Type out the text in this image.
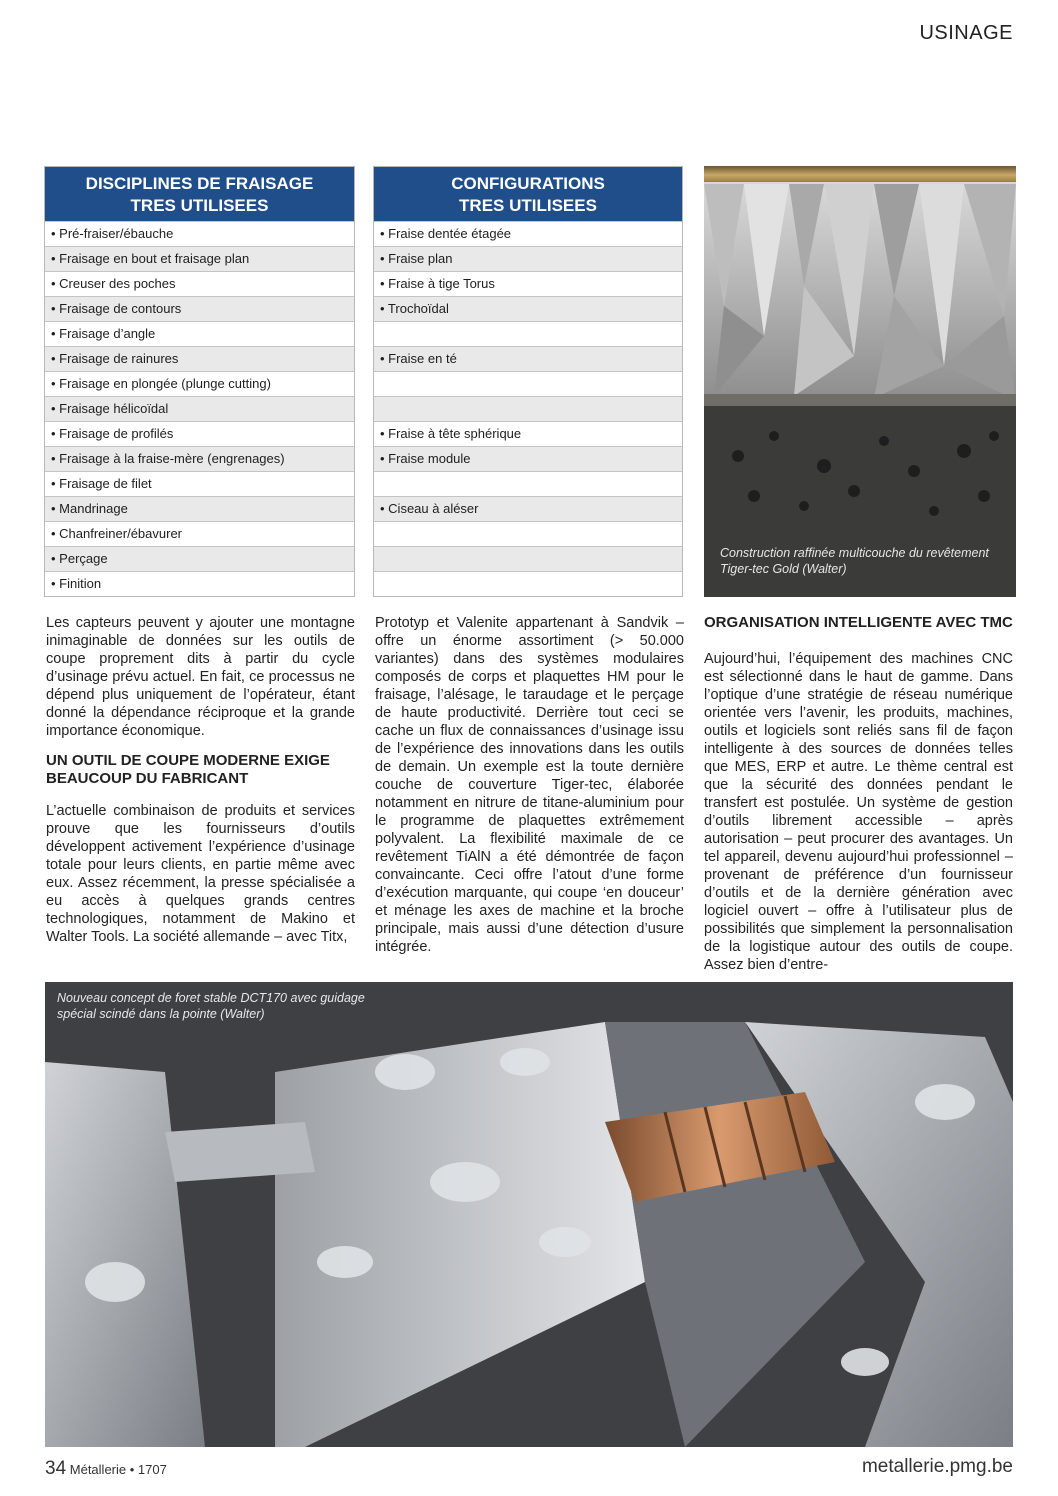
USINAGE
DISCIPLINES DE FRAISAGE
TRES UTILISEES
• Pré-fraiser/ébauche
• Fraisage en bout et fraisage plan
• Creuser des poches
• Fraisage de contours
• Fraisage d’angle
• Fraisage de rainures
• Fraisage en plongée (plunge cutting)
• Fraisage hélicoïdal
• Fraisage de profilés
• Fraisage à la fraise-mère (engrenages)
• Fraisage de filet
• Mandrinage
• Chanfreiner/ébavurer
• Perçage
• Finition
CONFIGURATIONS
TRES UTILISEES
• Fraise dentée étagée
• Fraise plan
• Fraise à tige Torus
• Trochoïdal
• Fraise en té
• Fraise à tête sphérique
• Fraise module
• Ciseau à aléser
Construction raffinée multicouche du revêtement Tiger-tec Gold (Walter)

Les capteurs peuvent y ajouter une montagne inimaginable de données sur les outils de coupe proprement dits à partir du cycle d’usinage prévu actuel. En fait, ce processus ne dépend plus uniquement de l’opérateur, étant donné la dépendance réciproque et la grande importance économique.

UN OUTIL DE COUPE MODERNE EXIGE BEAUCOUP DU FABRICANT

L’actuelle combinaison de produits et services prouve que les fournisseurs d’outils développent activement l’expérience d’usinage totale pour leurs clients, en partie même avec eux. Assez récemment, la presse spécialisée a eu accès à quelques grands centres technologiques, notamment de Makino et Walter Tools. La société allemande – avec Titx,

Prototyp et Valenite appartenant à Sandvik – offre un énorme assortiment (> 50.000 variantes) dans des systèmes modulaires composés de corps et plaquettes HM pour le fraisage, l’alésage, le taraudage et le perçage de haute productivité. Derrière tout ceci se cache un flux de connaissances d’usinage issu de l’expérience des innovations dans les outils de demain. Un exemple est la toute dernière couche de couverture Tiger-tec, élaborée notamment en nitrure de titane-aluminium pour le programme de plaquettes extrêmement polyvalent. La flexibilité maximale de ce revêtement TiAlN a été démontrée de façon convaincante. Ceci offre l’atout d’une forme d’exécution marquante, qui coupe ‘en douceur’ et ménage les axes de machine et la broche principale, mais aussi d’une détection d’usure intégrée.

ORGANISATION INTELLIGENTE AVEC TMC

Aujourd’hui, l’équipement des machines CNC est sélectionné dans le haut de gamme. Dans l’optique d’une stratégie de réseau numérique orientée vers l’avenir, les produits, machines, outils et logiciels sont reliés sans fil de façon intelligente à des sources de données telles que MES, ERP et autre. Le thème central est que la sécurité des données pendant le transfert est postulée. Un système de gestion d’outils librement accessible – après autorisation – peut procurer des avantages. Un tel appareil, devenu aujourd’hui professionnel – provenant de préférence d’un fournisseur d’outils et de la dernière génération avec logiciel ouvert – offre à l’utilisateur plus de possibilités que simplement la personnalisation de la logistique autour des outils de coupe. Assez bien d’entre-

Nouveau concept de foret stable DCT170 avec guidage spécial scindé dans la pointe (Walter)
34 Métallerie • 1707	metallerie.pmg.be
